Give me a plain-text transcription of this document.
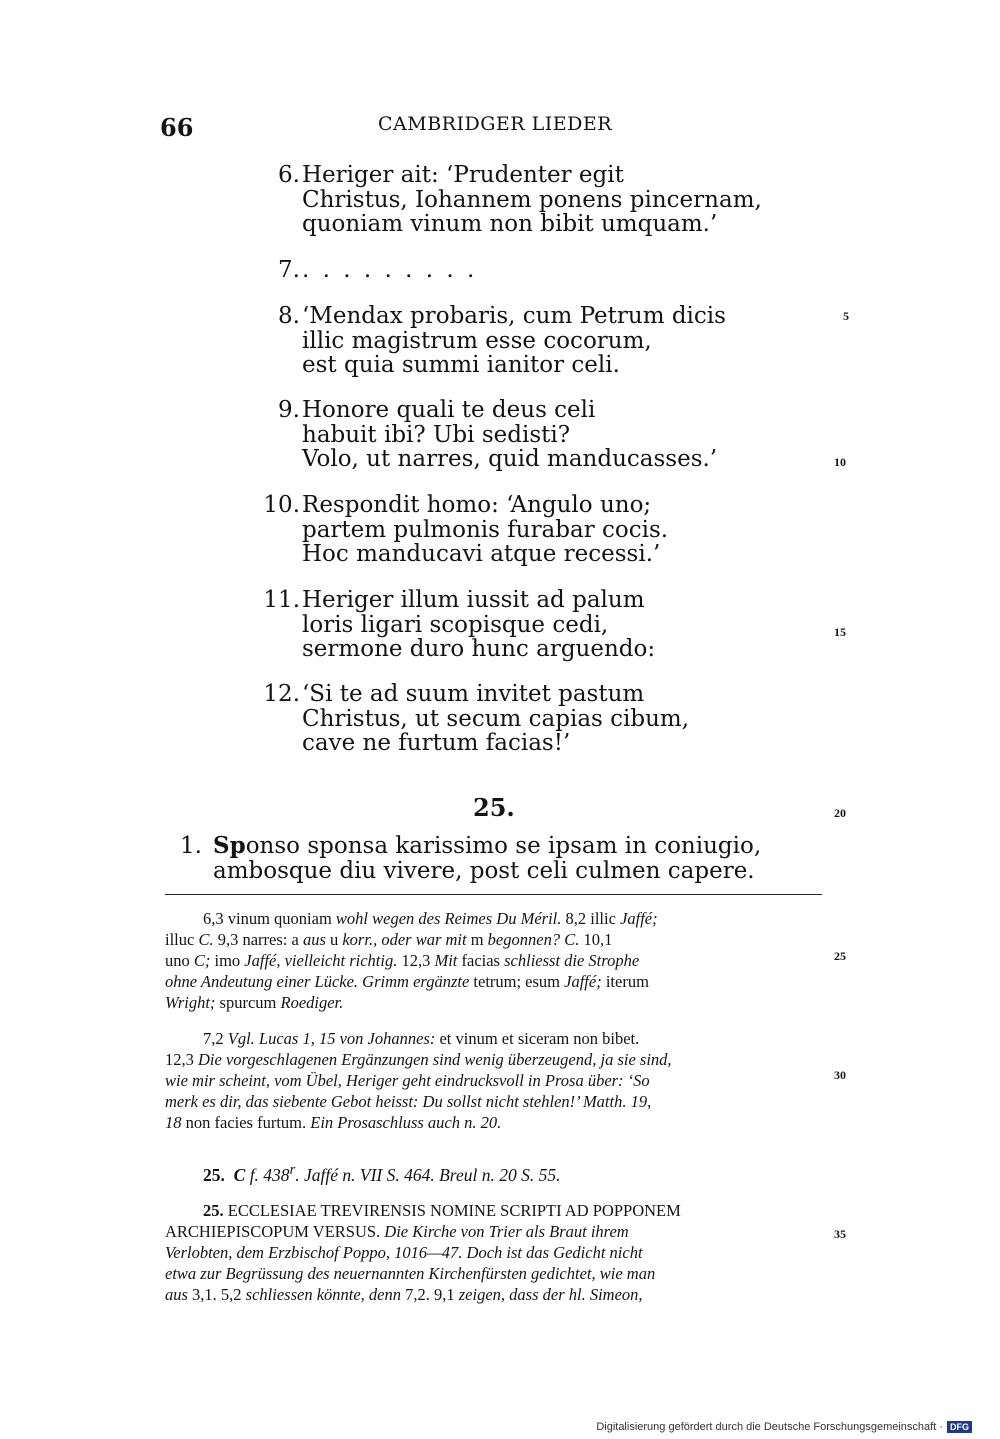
66	CAMBRIDGER LIEDER
6. Heriger ait: ‘Prudenter egit
Christus, Iohannem ponens pincernam,
quoniam vinum non bibit umquam.’
7. . . . . . . . . .
8. ‘Mendax probaris, cum Petrum dicis
illic magistrum esse cocorum,
est quia summi ianitor celi.
9. Honore quali te deus celi
habuit ibi? Ubi sedisti?
Volo, ut narres, quid manducasses.’
10. Respondit homo: ‘Angulo uno;
partem pulmonis furabar cocis.
Hoc manducavi atque recessi.’
11. Heriger illum iussit ad palum
loris ligari scopisque cedi,
sermone duro hunc arguendo:
12. ‘Si te ad suum invitet pastum
Christus, ut secum capias cibum,
cave ne furtum facias!’
5
10
15
20
25
30
35
25.
1. Sponso sponsa karissimo se ipsam in coniugio,
ambosque diu vivere, post celi culmen capere.
6,3 vinum quoniam wohl wegen des Reimes Du Méril. 8,2 illic Jaffé;
illuc C. 9,3 narres: a aus u korr., oder war mit m begonnen? C. 10,1
uno C; imo Jaffé, vielleicht richtig. 12,3 Mit facias schliesst die Strophe
ohne Andeutung einer Lücke. Grimm ergänzte tetrum; esum Jaffé; iterum
Wright; spurcum Roediger.
7,2 Vgl. Lucas 1, 15 von Johannes: et vinum et siceram non bibet.
12,3 Die vorgeschlagenen Ergänzungen sind wenig überzeugend, ja sie sind,
wie mir scheint, vom Übel, Heriger geht eindrucksvoll in Prosa über: ‘So
merk es dir, das siebente Gebot heisst: Du sollst nicht stehlen!’ Matth. 19,
18 non facies furtum. Ein Prosaschluss auch n. 20.
25. C f. 438$^r$. Jaffé n. VII S. 464. Breul n. 20 S. 55.
25. ECCLESIAE TREVIRENSIS NOMINE SCRIPTI AD POPPONEM
ARCHIEPISCOPUM VERSUS. Die Kirche von Trier als Braut ihrem
Verlobten, dem Erzbischof Poppo, 1016—47. Doch ist das Gedicht nicht
etwa zur Begrüssung des neuernannten Kirchenfürsten gedichtet, wie man
aus 3,1. 5,2 schliessen könnte, denn 7,2. 9,1 zeigen, dass der hl. Simeon,
Digitalisierung gefördert durch die Deutsche Forschungsgemeinschaft · DFG
